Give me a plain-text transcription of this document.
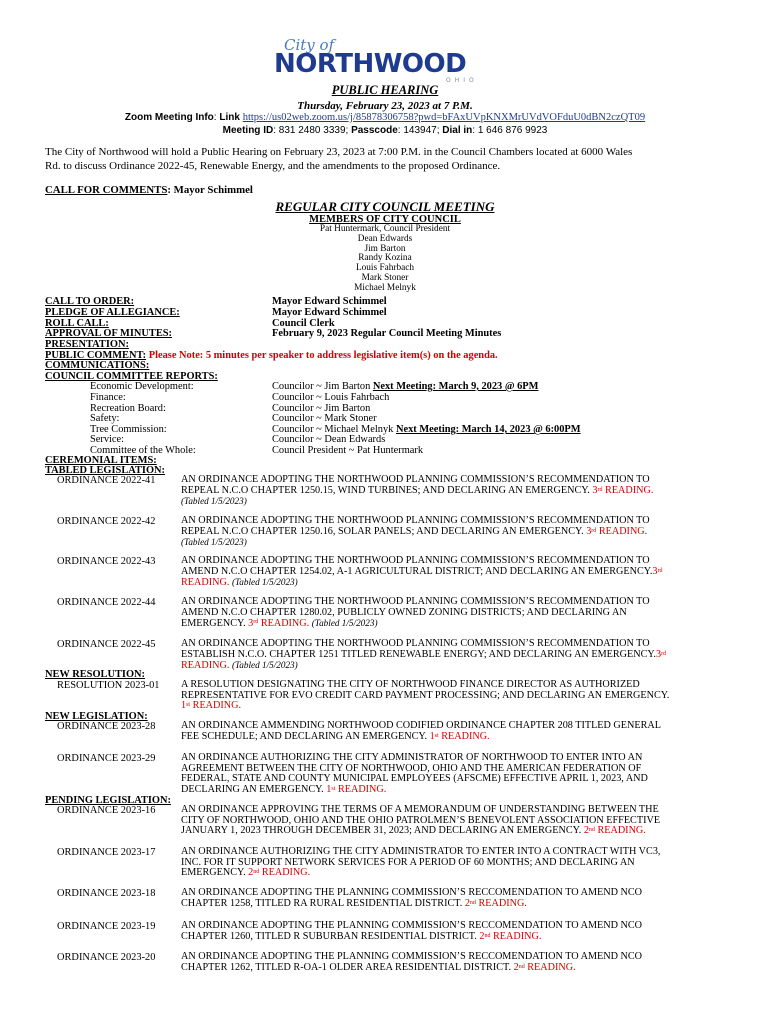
City of
NORTHWOOD
OHIO
PUBLIC HEARING
Thursday, February 23, 2023 at 7 P.M.
Zoom Meeting Info: Link https://us02web.zoom.us/j/85878306758?pwd=bFAxUVpKNXMrUVdVOFduU0dBN2czQT09
Meeting ID: 831 2480 3339; Passcode: 143947; Dial in: 1 646 876 9923
The City of Northwood will hold a Public Hearing on February 23, 2023 at 7:00 P.M. in the Council Chambers located at 6000 Wales
Rd. to discuss Ordinance 2022-45, Renewable Energy, and the amendments to the proposed Ordinance.
CALL FOR COMMENTS: Mayor Schimmel
REGULAR CITY COUNCIL MEETING
MEMBERS OF CITY COUNCIL
Pat Huntermark, Council President
Dean Edwards
Jim Barton
Randy Kozina
Louis Fahrbach
Mark Stoner
Michael Melnyk
CALL TO ORDER:	Mayor Edward Schimmel
PLEDGE OF ALLEGIANCE:	Mayor Edward Schimmel
ROLL CALL:	Council Clerk
APPROVAL OF MINUTES:	February 9, 2023 Regular Council Meeting Minutes
PRESENTATION:
PUBLIC COMMENT: Please Note: 5 minutes per speaker to address legislative item(s) on the agenda.
COMMUNICATIONS:
COUNCIL COMMITTEE REPORTS:
Economic Development:	Councilor ~ Jim Barton Next Meeting: March 9, 2023 @ 6PM
Finance:	Councilor ~ Louis Fahrbach
Recreation Board:	Councilor ~ Jim Barton
Safety:	Councilor ~ Mark Stoner
Tree Commission:	Councilor ~ Michael Melnyk Next Meeting: March 14, 2023 @ 6:00PM
Service:	Councilor ~ Dean Edwards
Committee of the Whole:	Council President ~ Pat Huntermark
CEREMONIAL ITEMS:
TABLED LEGISLATION:
ORDINANCE 2022-41	AN ORDINANCE ADOPTING THE NORTHWOOD PLANNING COMMISSION’S RECOMMENDATION TO
REPEAL N.C.O CHAPTER 1250.15, WIND TURBINES; AND DECLARING AN EMERGENCY. 3rd READING.
(Tabled 1/5/2023)
ORDINANCE 2022-42	AN ORDINANCE ADOPTING THE NORTHWOOD PLANNING COMMISSION’S RECOMMENDATION TO
REPEAL N.C.O CHAPTER 1250.16, SOLAR PANELS; AND DECLARING AN EMERGENCY. 3rd READING.
(Tabled 1/5/2023)
ORDINANCE 2022-43	AN ORDINANCE ADOPTING THE NORTHWOOD PLANNING COMMISSION’S RECOMMENDATION TO
AMEND N.C.O CHAPTER 1254.02, A-1 AGRICULTURAL DISTRICT; AND DECLARING AN EMERGENCY.3rd
READING. (Tabled 1/5/2023)
ORDINANCE 2022-44	AN ORDINANCE ADOPTING THE NORTHWOOD PLANNING COMMISSION’S RECOMMENDATION TO
AMEND N.C.O CHAPTER 1280.02, PUBLICLY OWNED ZONING DISTRICTS; AND DECLARING AN
EMERGENCY. 3rd READING. (Tabled 1/5/2023)
ORDINANCE 2022-45	AN ORDINANCE ADOPTING THE NORTHWOOD PLANNING COMMISSION’S RECOMMENDATION TO
ESTABLISH N.C.O. CHAPTER 1251 TITLED RENEWABLE ENERGY; AND DECLARING AN EMERGENCY.3rd
READING. (Tabled 1/5/2023)
NEW RESOLUTION:
RESOLUTION 2023-01 A RESOLUTION DESIGNATING THE CITY OF NORTHWOOD FINANCE DIRECTOR AS AUTHORIZED
REPRESENTATIVE FOR EVO CREDIT CARD PAYMENT PROCESSING; AND DECLARING AN EMERGENCY.
1st READING.
NEW LEGISLATION:
ORDINANCE 2023-28	AN ORDINANCE AMMENDING NORTHWOOD CODIFIED ORDINANCE CHAPTER 208 TITLED GENERAL
FEE SCHEDULE; AND DECLARING AN EMERGENCY. 1st READING.
ORDINANCE 2023-29	AN ORDINANCE AUTHORIZING THE CITY ADMINISTRATOR OF NORTHWOOD TO ENTER INTO AN
AGREEMENT BETWEEN THE CITY OF NORTHWOOD, OHIO AND THE AMERICAN FEDERATION OF
FEDERAL, STATE AND COUNTY MUNICIPAL EMPLOYEES (AFSCME) EFFECTIVE APRIL 1, 2023, AND
DECLARING AN EMERGENCY. 1st READING.
PENDING LEGISLATION:
ORDINANCE 2023-16	AN ORDINANCE APPROVING THE TERMS OF A MEMORANDUM OF UNDERSTANDING BETWEEN THE
CITY OF NORTHWOOD, OHIO AND THE OHIO PATROLMEN’S BENEVOLENT ASSOCIATION EFFECTIVE
JANUARY 1, 2023 THROUGH DECEMBER 31, 2023; AND DECLARING AN EMERGENCY. 2nd READING.
ORDINANCE 2023-17	AN ORDINANCE AUTHORIZING THE CITY ADMINISTRATOR TO ENTER INTO A CONTRACT WITH VC3,
INC. FOR IT SUPPORT NETWORK SERVICES FOR A PERIOD OF 60 MONTHS; AND DECLARING AN
EMERGENCY. 2nd READING.
ORDINANCE 2023-18	AN ORDINANCE ADOPTING THE PLANNING COMMISSION’S RECCOMENDATION TO AMEND NCO
CHAPTER 1258, TITLED RA RURAL RESIDENTIAL DISTRICT. 2nd READING.
ORDINANCE 2023-19	AN ORDINANCE ADOPTING THE PLANNING COMMISSION’S RECCOMENDATION TO AMEND NCO
CHAPTER 1260, TITLED R SUBURBAN RESIDENTIAL DISTRICT. 2nd READING.
ORDINANCE 2023-20	AN ORDINANCE ADOPTING THE PLANNING COMMISSION’S RECCOMENDATION TO AMEND NCO
CHAPTER 1262, TITLED R-OA-1 OLDER AREA RESIDENTIAL DISTRICT. 2nd READING.
